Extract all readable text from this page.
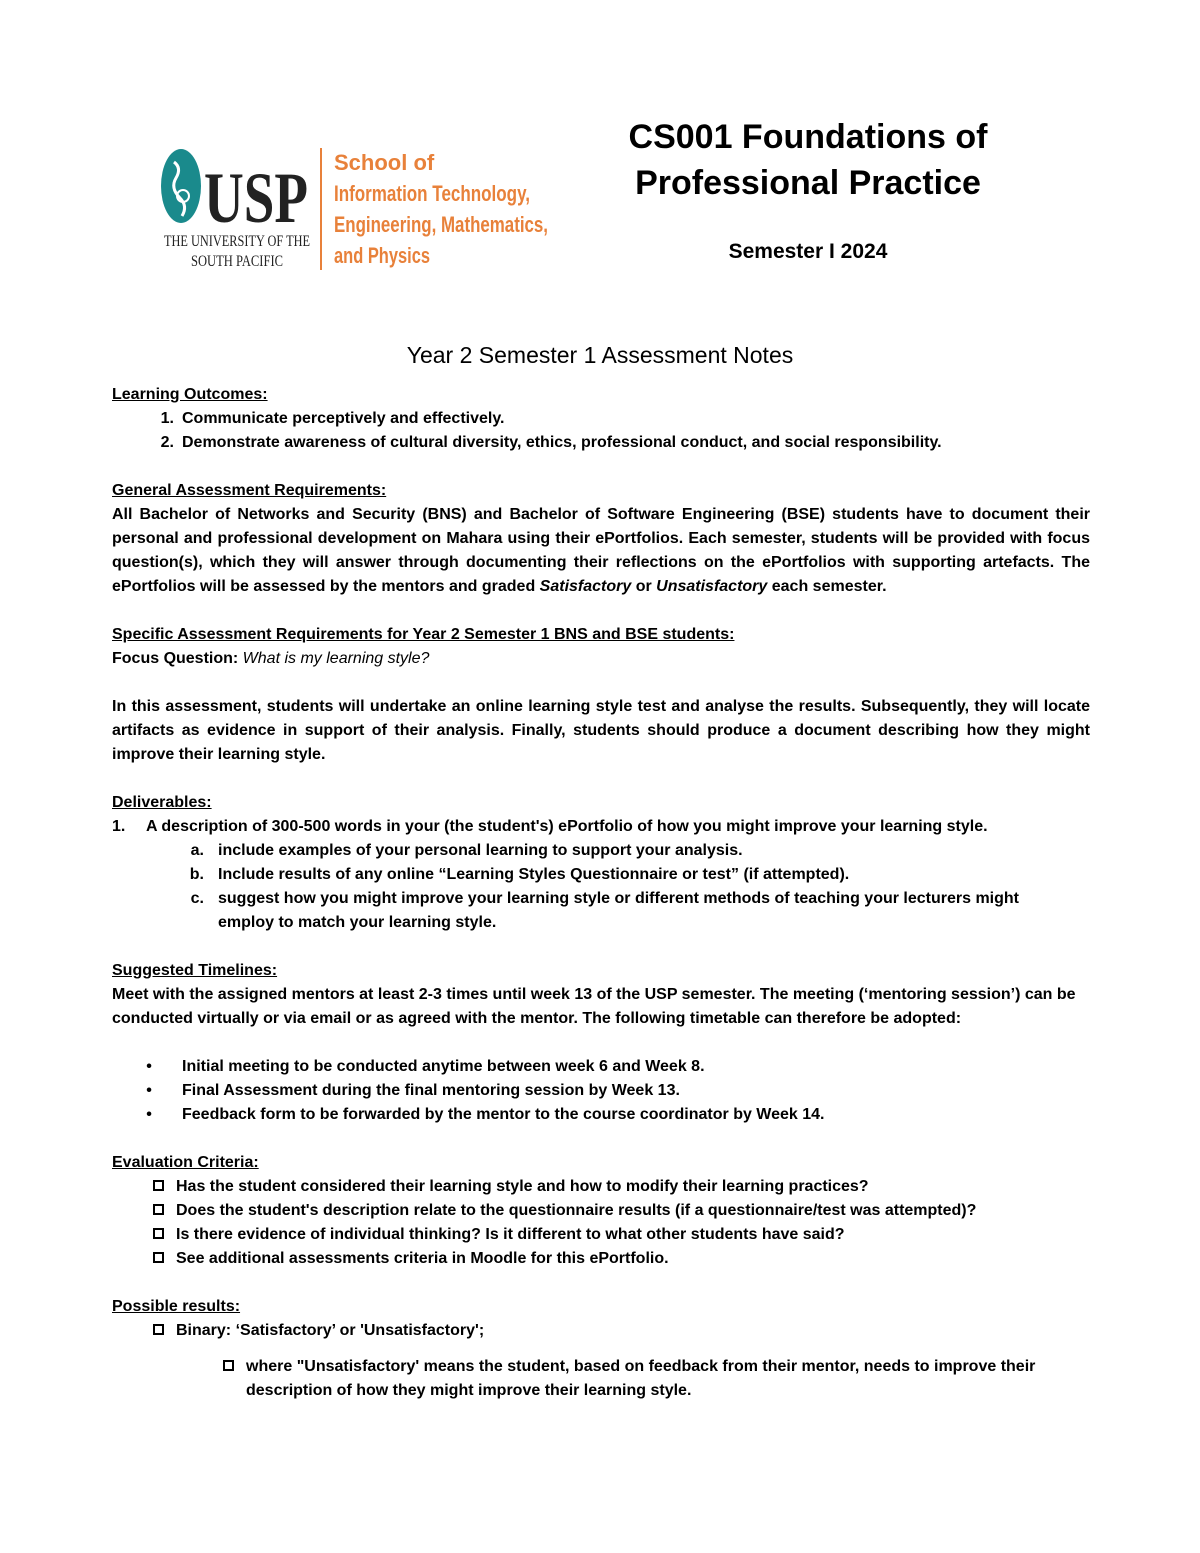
USP
THE UNIVERSITY OF THE
SOUTH PACIFIC
School of
Information Technology,
Engineering, Mathematics,
and Physics
CS001 Foundations of
Professional Practice
Semester I 2024
Year 2 Semester 1 Assessment Notes

Learning Outcomes:

1. Communicate perceptively and effectively.
2. Demonstrate awareness of cultural diversity, ethics, professional conduct, and social responsibility.

General Assessment Requirements:

All Bachelor of Networks and Security (BNS) and Bachelor of Software Engineering (BSE) students have to document their personal and professional development on Mahara using their ePortfolios. Each semester, students will be provided with focus question(s), which they will answer through documenting their reflections on the ePortfolios with supporting artefacts. The ePortfolios will be assessed by the mentors and graded Satisfactory or Unsatisfactory each semester.

Specific Assessment Requirements for Year 2 Semester 1 BNS and BSE students:

Focus Question: What is my learning style?

In this assessment, students will undertake an online learning style test and analyse the results. Subsequently, they will locate artifacts as evidence in support of their analysis. Finally, students should produce a document describing how they might improve their learning style.

Deliverables:

1.	A description of 300-500 words in your (the student's) ePortfolio of how you might improve your learning style.
a. include examples of your personal learning to support your analysis.
b. Include results of any online “Learning Styles Questionnaire or test” (if attempted).
c. suggest how you might improve your learning style or different methods of teaching your lecturers might employ to match your learning style.

Suggested Timelines:

Meet with the assigned mentors at least 2-3 times until week 13 of the USP semester. The meeting (‘mentoring session’) can be conducted virtually or via email or as agreed with the mentor. The following timetable can therefore be adopted:

•	Initial meeting to be conducted anytime between week 6 and Week 8.
•	Final Assessment during the final mentoring session by Week 13.
•	Feedback form to be forwarded by the mentor to the course coordinator by Week 14.

Evaluation Criteria:

Has the student considered their learning style and how to modify their learning practices?
Does the student's description relate to the questionnaire results (if a questionnaire/test was attempted)?
Is there evidence of individual thinking? Is it different to what other students have said?
See additional assessments criteria in Moodle for this ePortfolio.

Possible results:

Binary: ‘Satisfactory’ or 'Unsatisfactory';
where "Unsatisfactory' means the student, based on feedback from their mentor, needs to improve their description of how they might improve their learning style.
